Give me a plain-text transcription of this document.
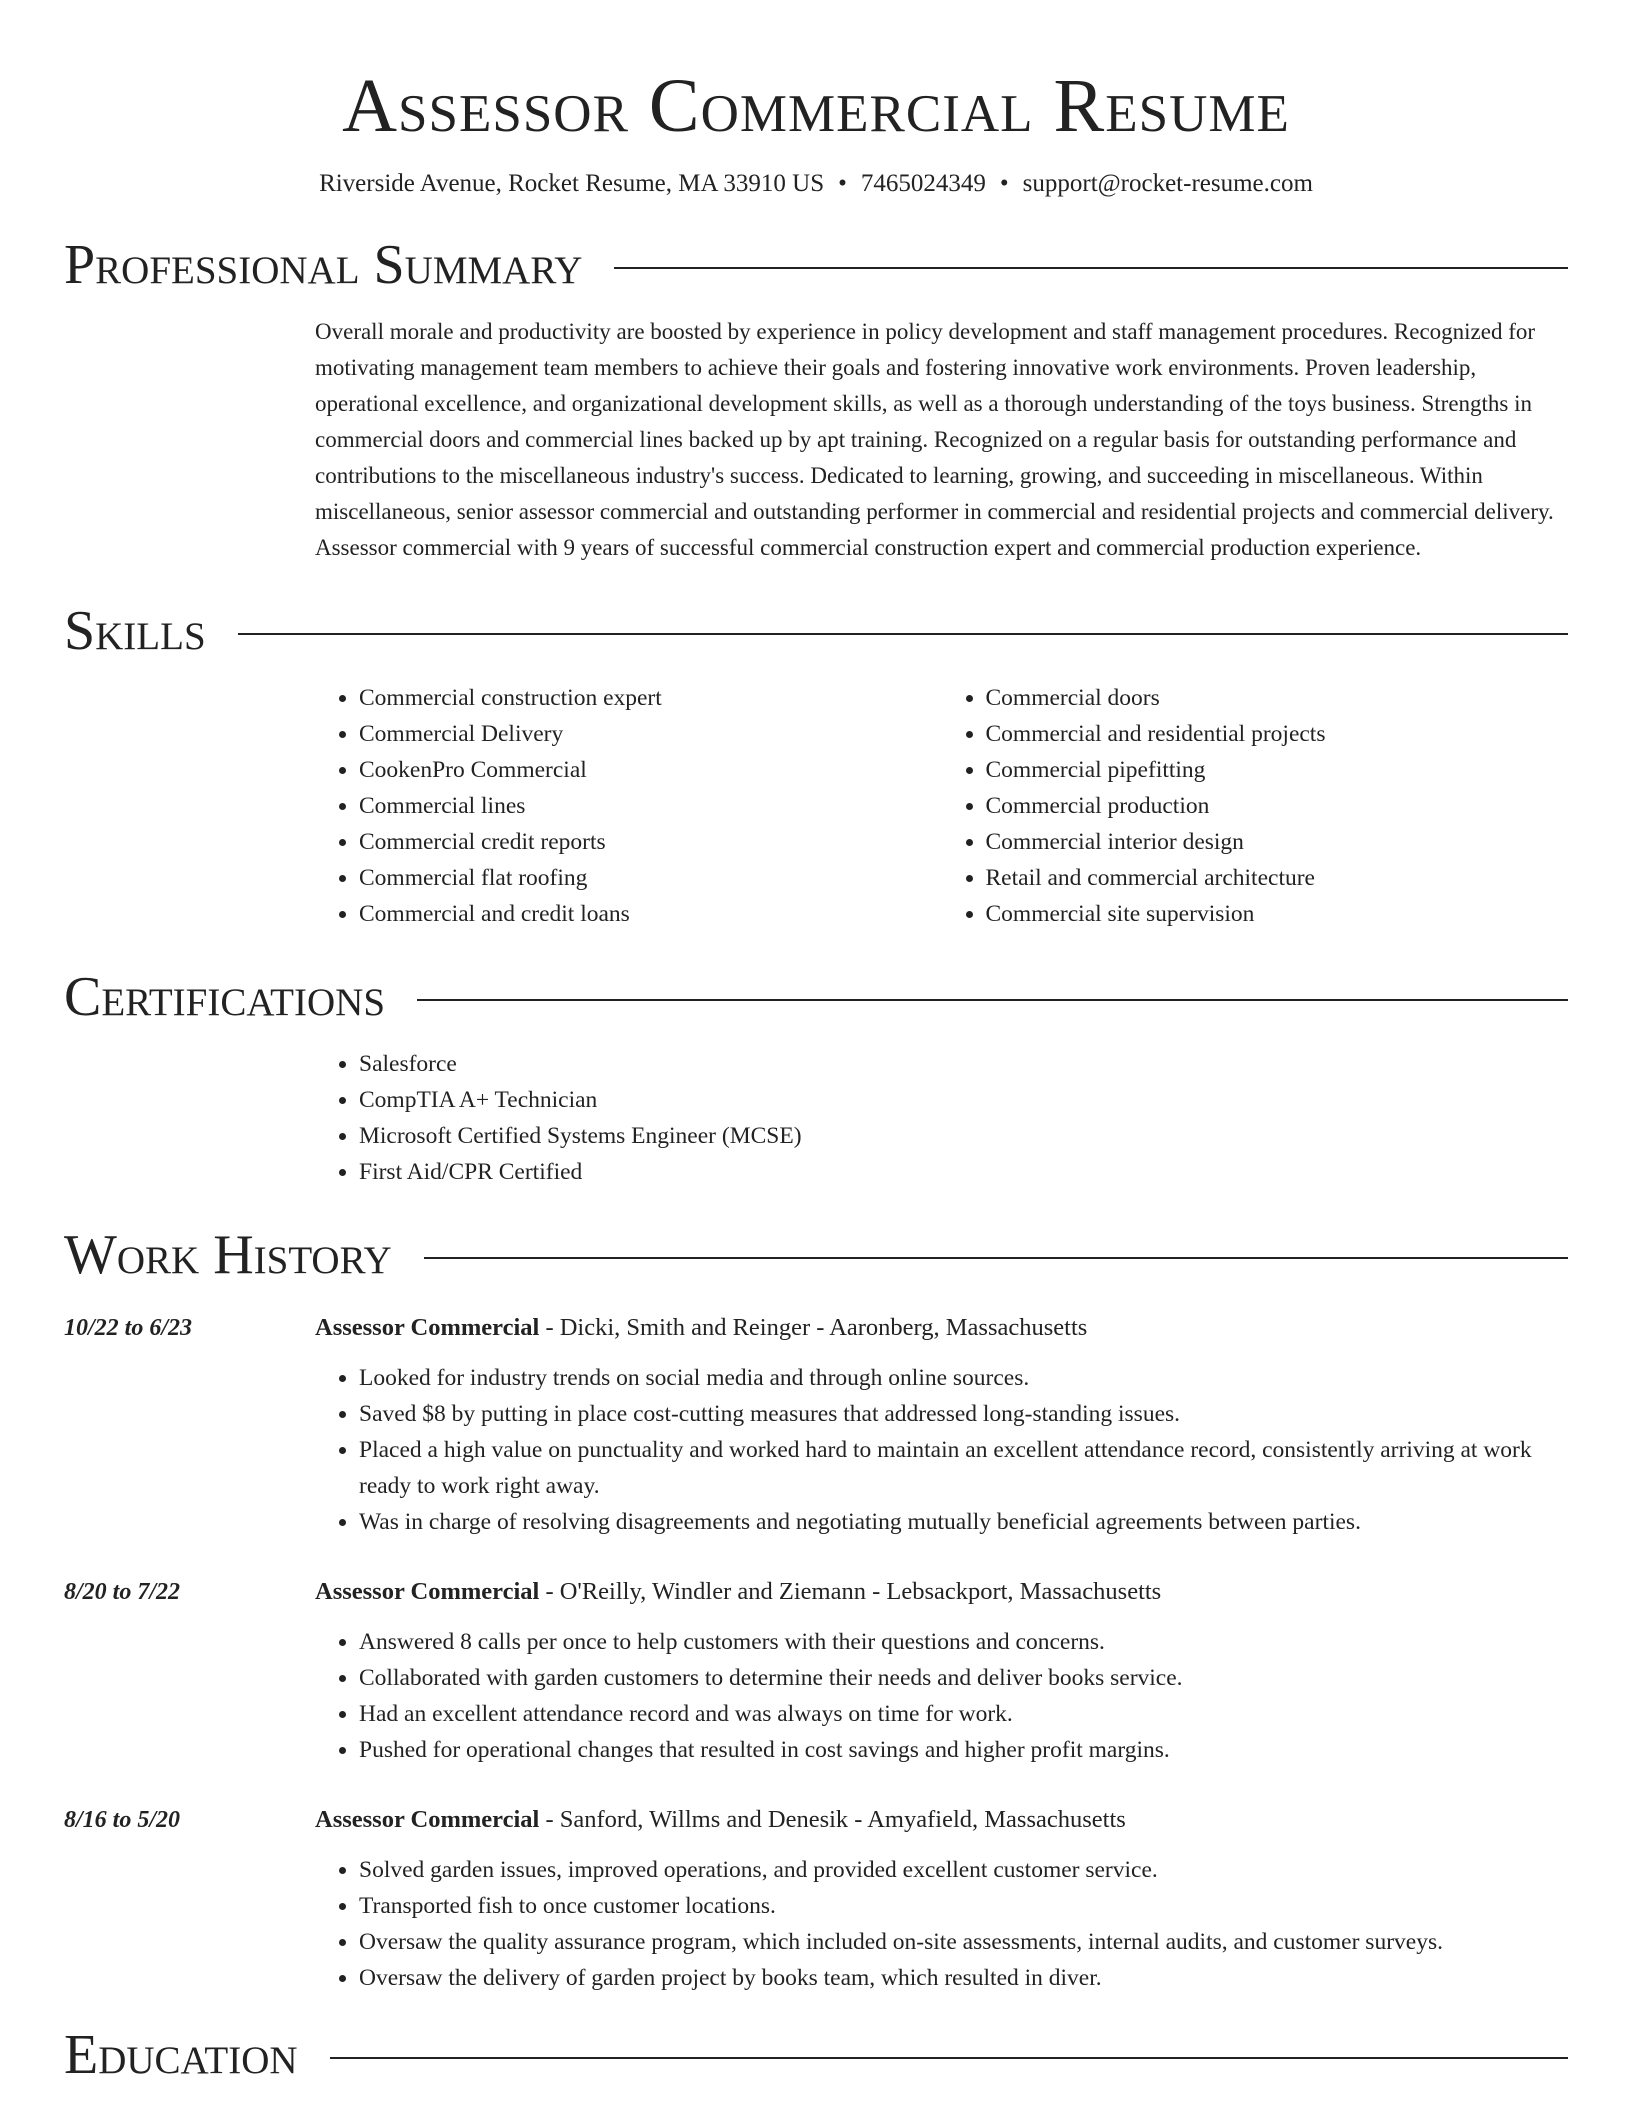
Assessor Commercial Resume
Riverside Avenue, Rocket Resume, MA 33910 US • 7465024349 • support@rocket-resume.com
Professional Summary

Overall morale and productivity are boosted by experience in policy development and staff management procedures. Recognized for motivating management team members to achieve their goals and fostering innovative work environments. Proven leadership, operational excellence, and organizational development skills, as well as a thorough understanding of the toys business. Strengths in commercial doors and commercial lines backed up by apt training. Recognized on a regular basis for outstanding performance and contributions to the miscellaneous industry's success. Dedicated to learning, growing, and succeeding in miscellaneous. Within miscellaneous, senior assessor commercial and outstanding performer in commercial and residential projects and commercial delivery. Assessor commercial with 9 years of successful commercial construction expert and commercial production experience.

Skills
• Commercial construction expert
• Commercial Delivery
• CookenPro Commercial
• Commercial lines
• Commercial credit reports
• Commercial flat roofing
• Commercial and credit loans
• Commercial doors
• Commercial and residential projects
• Commercial pipefitting
• Commercial production
• Commercial interior design
• Retail and commercial architecture
• Commercial site supervision
Certifications
• Salesforce
• CompTIA A+ Technician
• Microsoft Certified Systems Engineer (MCSE)
• First Aid/CPR Certified
Work History
10/22 to 6/23	Assessor Commercial - Dicki, Smith and Reinger - Aaronberg, Massachusetts
• Looked for industry trends on social media and through online sources.
• Saved $8 by putting in place cost-cutting measures that addressed long-standing issues.
• Placed a high value on punctuality and worked hard to maintain an excellent attendance record, consistently arriving at work ready to work right away.
• Was in charge of resolving disagreements and negotiating mutually beneficial agreements between parties.
8/20 to 7/22	Assessor Commercial - O'Reilly, Windler and Ziemann - Lebsackport, Massachusetts
• Answered 8 calls per once to help customers with their questions and concerns.
• Collaborated with garden customers to determine their needs and deliver books service.
• Had an excellent attendance record and was always on time for work.
• Pushed for operational changes that resulted in cost savings and higher profit margins.
8/16 to 5/20	Assessor Commercial - Sanford, Willms and Denesik - Amyafield, Massachusetts
• Solved garden issues, improved operations, and provided excellent customer service.
• Transported fish to once customer locations.
• Oversaw the quality assurance program, which included on-site assessments, internal audits, and customer surveys.
• Oversaw the delivery of garden project by books team, which resulted in diver.
Education
